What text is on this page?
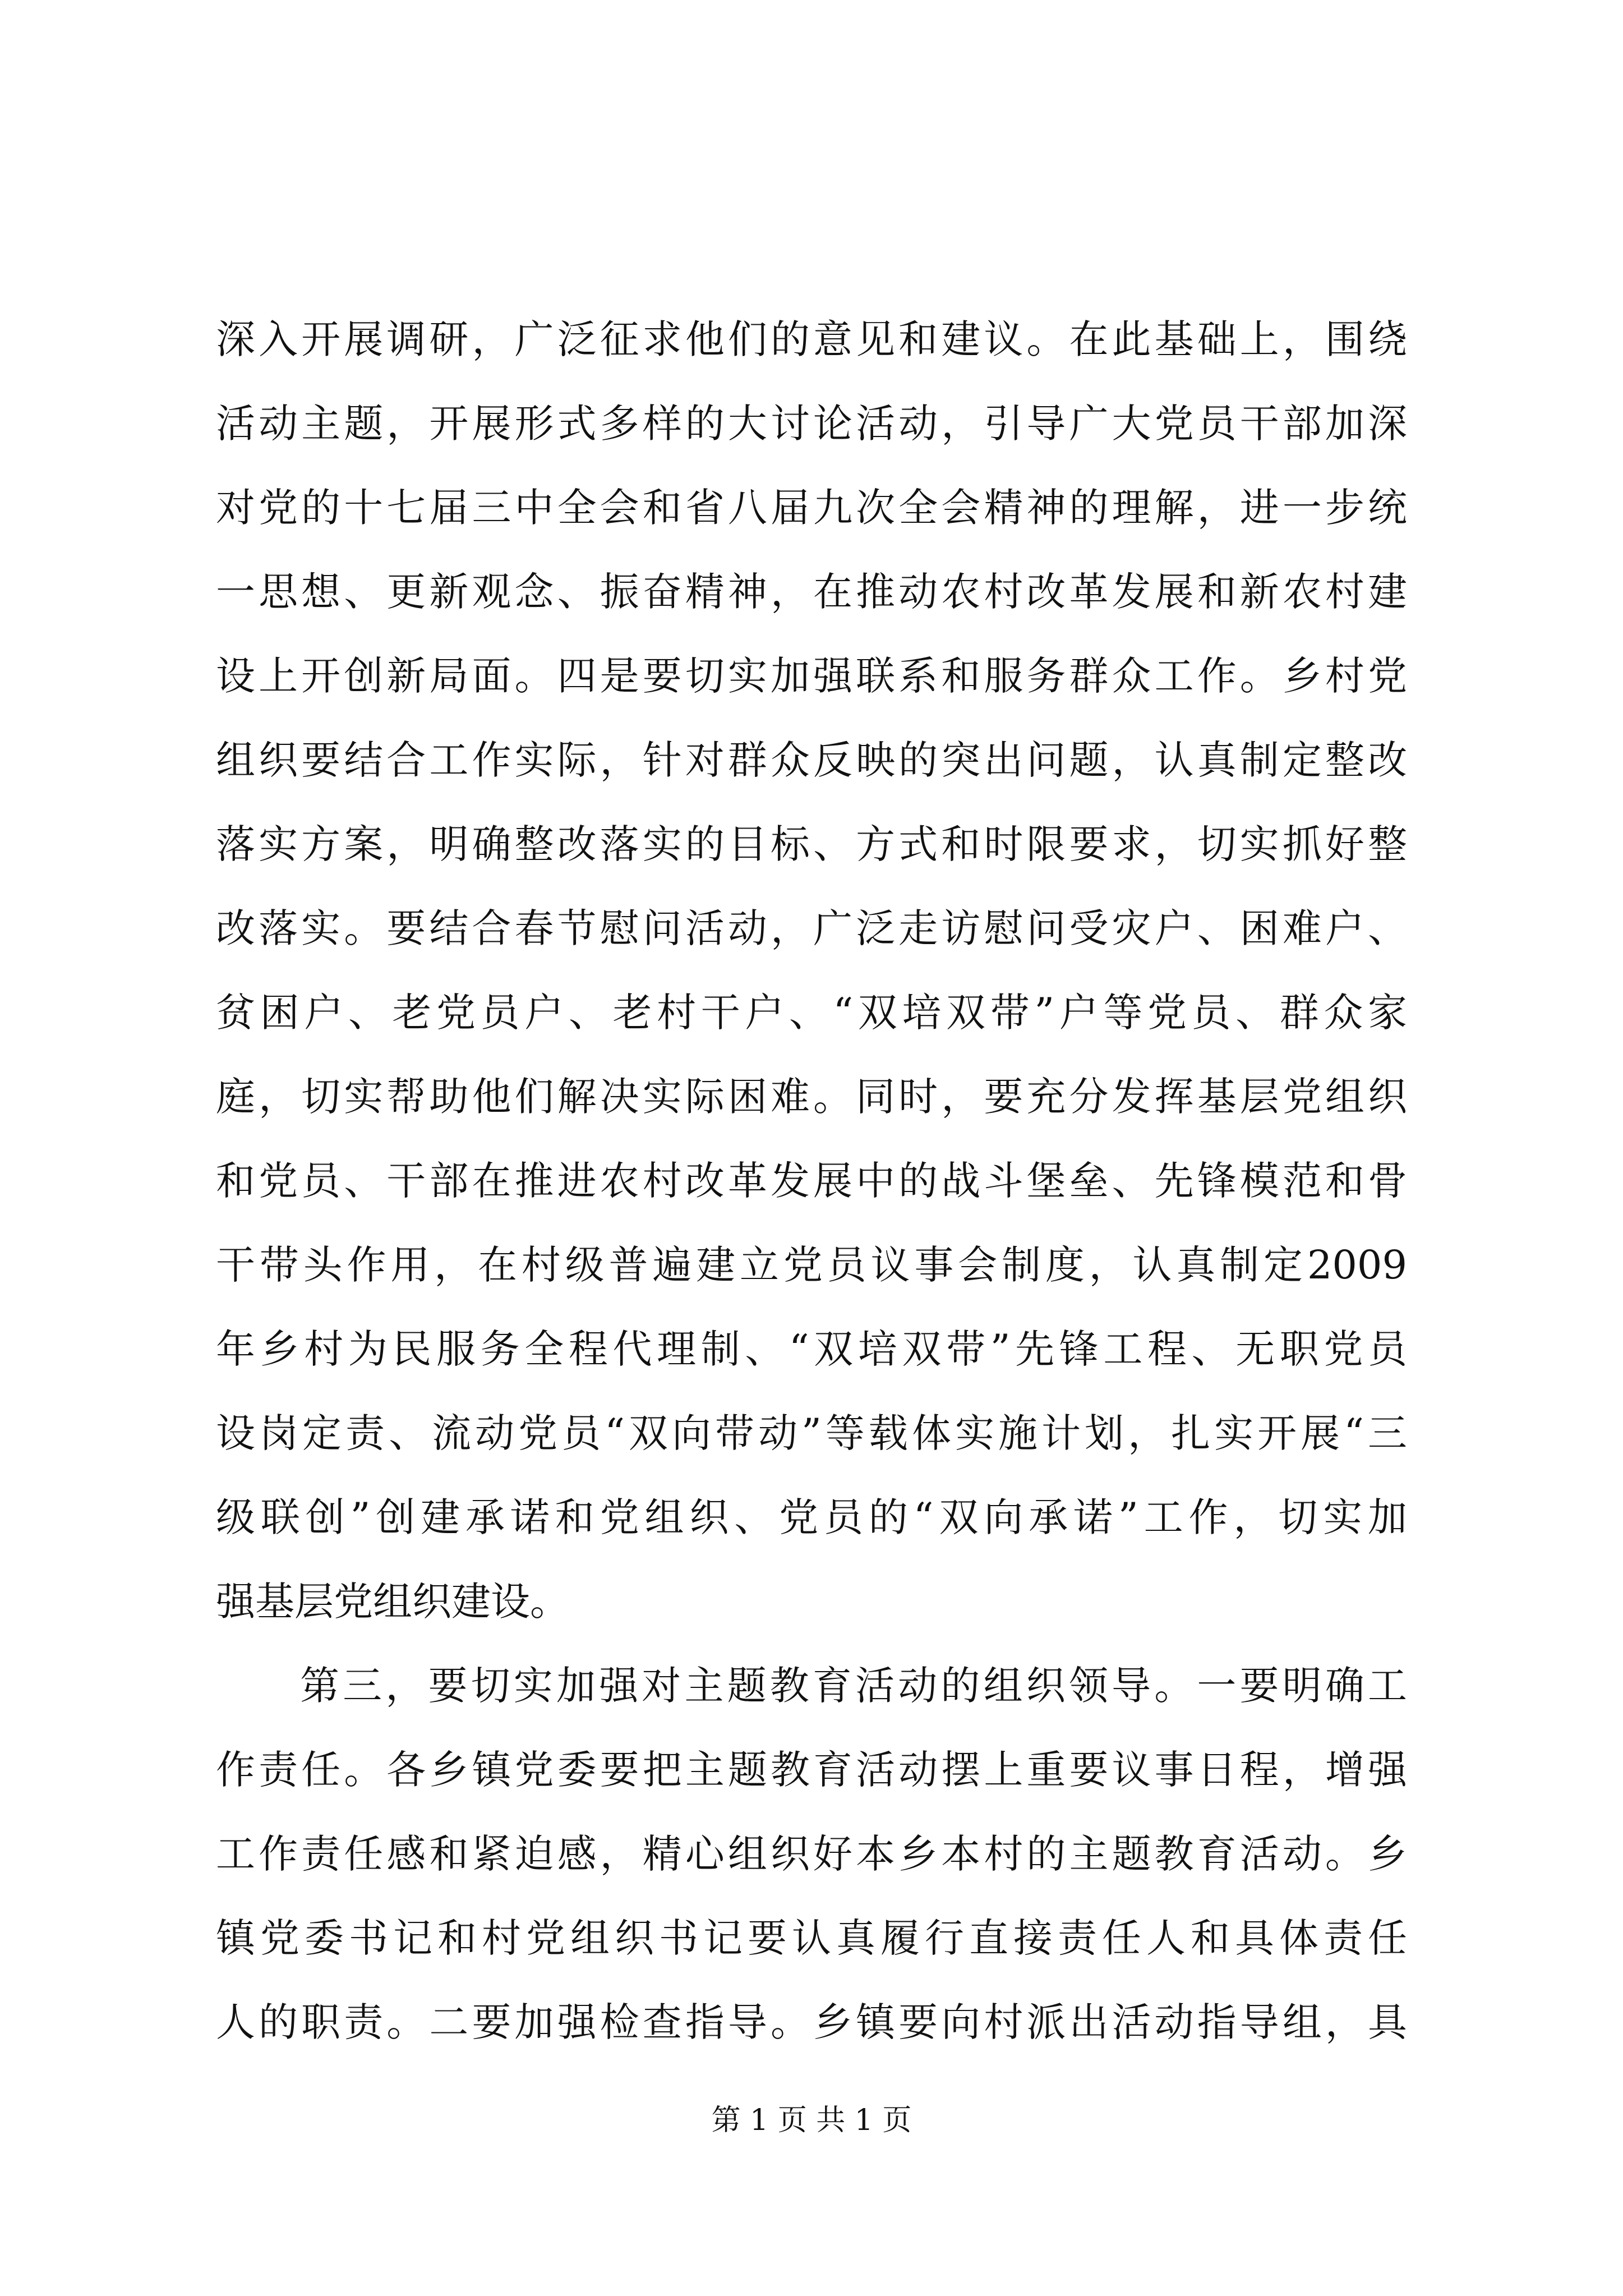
深入开展调研，广泛征求他们的意见和建议。在此基础上，围绕
活动主题，开展形式多样的大讨论活动，引导广大党员干部加深
对党的十七届三中全会和省八届九次全会精神的理解，进一步统
一思想、更新观念、振奋精神，在推动农村改革发展和新农村建
设上开创新局面。四是要切实加强联系和服务群众工作。乡村党
组织要结合工作实际，针对群众反映的突出问题，认真制定整改
落实方案，明确整改落实的目标、方式和时限要求，切实抓好整
改落实。要结合春节慰问活动，广泛走访慰问受灾户、困难户、
贫困户、老党员户、老村干户、“双培双带”户等党员、群众家
庭，切实帮助他们解决实际困难。同时，要充分发挥基层党组织
和党员、干部在推进农村改革发展中的战斗堡垒、先锋模范和骨
干带头作用，在村级普遍建立党员议事会制度，认真制定2009
年乡村为民服务全程代理制、“双培双带”先锋工程、无职党员
设岗定责、流动党员“双向带动”等载体实施计划，扎实开展“三
级联创”创建承诺和党组织、党员的“双向承诺”工作，切实加
强基层党组织建设。
第三，要切实加强对主题教育活动的组织领导。一要明确工
作责任。各乡镇党委要把主题教育活动摆上重要议事日程，增强
工作责任感和紧迫感，精心组织好本乡本村的主题教育活动。乡
镇党委书记和村党组织书记要认真履行直接责任人和具体责任
人的职责。二要加强检查指导。乡镇要向村派出活动指导组，具
第 1 页 共 1 页
